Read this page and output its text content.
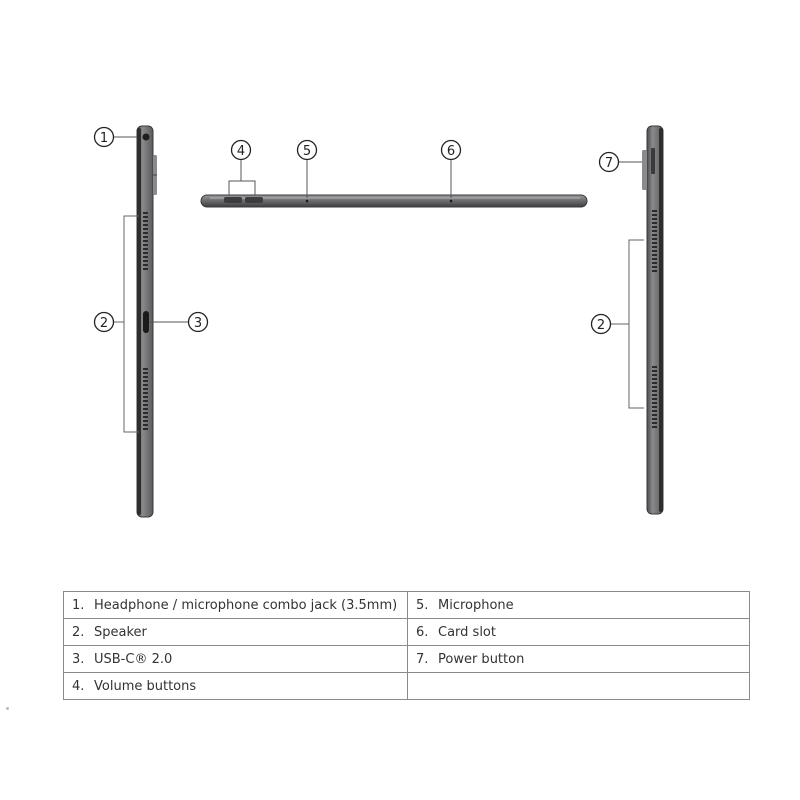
1
2	3
4	5	6
7
2
1. Headphone / microphone combo jack (3.5mm)	5. Microphone
2. Speaker	6. Card slot
3. USB-C® 2.0	7. Power button
4. Volume buttons	
